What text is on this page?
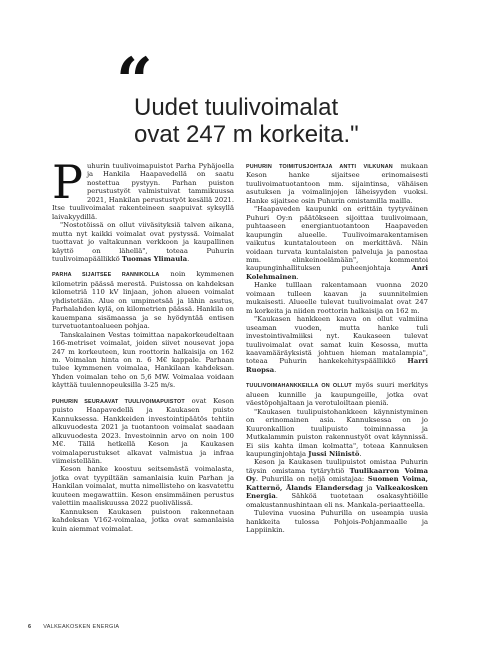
“
Uudet tuulivoimalat
ovat 247 m korkeita."

Puhurin tuulivoimapuistot Parha Pyhäjoella ja Hankila Haapavedellä on saatu nostettua pystyyn. Parhan puiston perustustyöt valmistuivat tammikuussa 2021, Hankilan perustustyöt kesällä 2021. Itse tuulivoimalat rakenteineen saapuivat syksyllä laivakyydillä.

"Nostotöissä on ollut viiväsityksiä talven aikana, mutta nyt kaikki voimalat ovat pystyssä. Voimalat tuottavat jo valtakunnan verkkoon ja kaupallinen käyttö on lähellä", toteaa Puhurin tuulivoimapäällikkö Tuomas Ylimaula.

PARHA SIJAITSEE RANNIKOLLA noin kymmenen kilometrin päässä merestä. Puistossa on kahdeksan kilometriä 110 kV linjaan, johon alueen voimalat yhdistetään. Alue on umpimetsää ja lähin asutus, Parhalahden kylä, on kilometrien päässä. Hankila on kauempana sisämaassa ja se hyödyntää entisen turvetuotantoalueen pohjaa.

Tanskalainen Vestas toimittaa napakorkeudeltaan 166-metriset voimalat, joiden siivet nousevat jopa 247 m korkeuteen, kun roottorin halkaisija on 162 m. Voimalan hinta on n. 6 M€ kappale. Parhaan tulee kymmenen voimalaa, Hankilaan kahdeksan. Yhden voimalan teho on 5,6 MW. Voimalaa voidaan käyttää tuulennopeuksilla 3-25 m/s.

PUHURIN SEURAAVAT TUULIVOIMAPUISTOT ovat Keson puisto Haapavedellä ja Kaukasen puisto Kannuksessa. Hankkeiden investointipäätös tehtiin alkuvuodesta 2021 ja tuotantoon voimalat saadaan alkuvuodesta 2023. Investoinnin arvo on noin 100 M€. Tällä hetkellä Keson ja Kaukasen voimalaperustukset alkavat valmistua ja infraa viimeistellään.

Keson hanke koostuu seitsemästä voimalasta, jotka ovat tyypiltään samanlaisia kuin Parhan ja Hankilan voimalat, mutta nimellisteho on kasvatettu kuuteen megawattiin. Keson ensimmäinen perustus valettiin maaliskuussa 2022 puolivälissä.

Kannuksen Kaukasen puistoon rakennetaan kahdeksan V162-voimalaa, jotka ovat samanlaisia kuin aiemmat voimalat.

PUHURIN TOIMITUSJOHTAJA ANTTI VILKUNAN mukaan Keson hanke sijaitsee erinomaisesti tuulivoimatuotantoon mm. sijaintinsa, vähäisen asutuksen ja voimalinjojen läheisyyden vuoksi. Hanke sijaitsee osin Puhurin omistamilla mailla.

"Haapaveden kaupunki on erittäin tyytyväinen Puhuri Oy:n päätökseen sijoittaa tuulivoimaan, puhtaaseen energiantuotantoon Haapaveden kaupungin alueelle. Tuulivoimarakentamisen vaikutus kuntatalouteen on merkittävä. Näin voidaan turvata kuntalaisten palveluja ja panostaa mm. elinkeinoelämään", kommentoi kaupunginhallituksen puheenjohtaja Anri Kolehmainen.

Hanke tulllaan rakentamaan vuonna 2020 voimaan tulleen kaavan ja suunnitelmien mukaisesti. Alueelle tulevat tuulivoimalat ovat 247 m korkeita ja niiden roottorin halkaisija on 162 m.

"Kaukasen hankkeen kaava on ollut valmiina useaman vuoden, mutta hanke tuli investointivalmiiksi nyt. Kaukaseen tulevat tuulivoimalat ovat samat kuin Kesossa, mutta kaavamääräyksistä johtuen hieman matalampia", toteaa Puhurin hankekehityspäällikkö Harri Ruopsa.

TUULIVOIMAHANKKEILLA ON OLLUT myös suuri merkitys alueen kunnille ja kaupungeille, jotka ovat väestöpohjaltaan ja verotuloiltaan pieniä.

"Kaukasen tuulipuistohankkeen käynnistyminen on erinomainen asia. Kannuksessa on jo Kuuronkallion tuulipuisto toiminnassa ja Mutkalammin puiston rakennustyöt ovat käynnissä. Ei siis kahta ilman kolmatta", toteaa Kannuksen kaupunginjohtaja Jussi Niinistö.

Keson ja Kaukasen tuulipuistot omistaa Puhurin täysin omistama tytäryhtiö Tuulikaarron Voima Oy. Puhurilla on neljä omistajaa: Suomen Voima, Katternö, Ålands Elandersdag ja Valkeakosken Energia. Sähköä tuotetaan osakasyhtiöille omakustannushintaan eli ns. Mankala-periaatteella.

Tulevina vuosina Puhurilla on useampia uusia hankkeita tulossa Pohjois-Pohjanmaalle ja Lappiinkin.

6 VALKEAKOSKEN ENERGIA
